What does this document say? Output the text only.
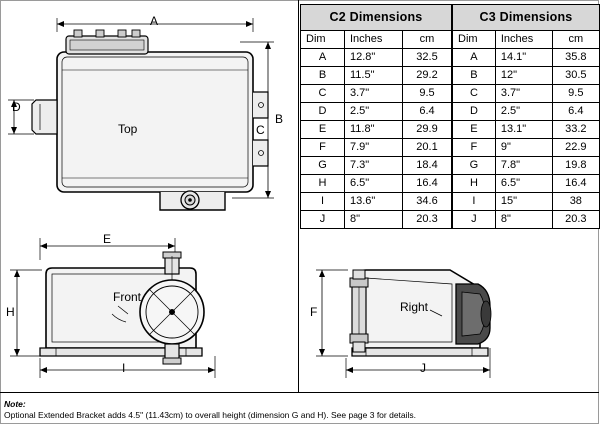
A
B
C
D
Top
E
H
I
Front
F
J
Right
C2 Dimensions		
Dim	Inches	cm
A	12.8"	32.5
B	11.5"	29.2
C	3.7"	9.5
D	2.5"	6.4
E	11.8"	29.9
F	7.9"	20.1
G	7.3"	18.4
H	6.5"	16.4
I	13.6"	34.6
J	8"	20.3
C3 Dimensions		
Dim	Inches	cm
A	14.1"	35.8
B	12"	30.5
C	3.7"	9.5
D	2.5"	6.4
E	13.1"	33.2
F	9"	22.9
G	7.8"	19.8
H	6.5"	16.4
I	15"	38
J	8"	20.3
Note:
Optional Extended Bracket adds 4.5" (11.43cm) to overall height (dimension G and H). See page 3 for details.
